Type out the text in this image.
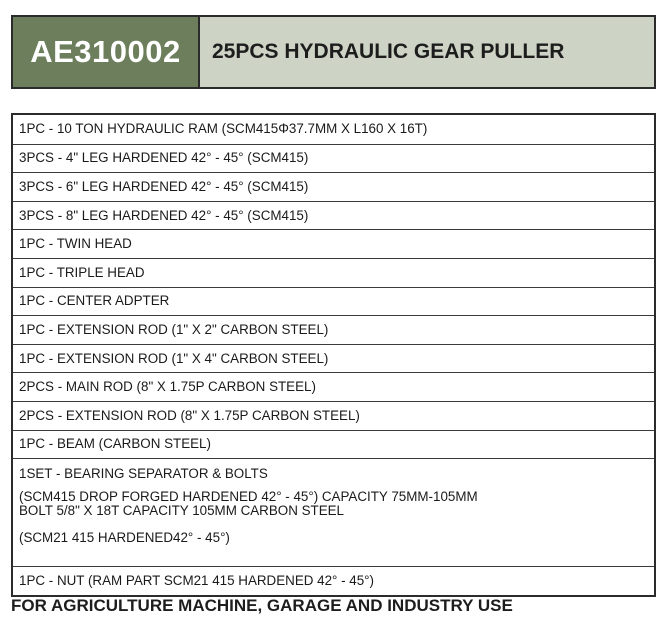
AE310002	25PCS HYDRAULIC GEAR PULLER
1PC - 10 TON HYDRAULIC RAM (SCM415Φ37.7MM X L160 X 16T)
3PCS - 4" LEG HARDENED 42° - 45° (SCM415)
3PCS - 6" LEG HARDENED 42° - 45° (SCM415)
3PCS - 8" LEG HARDENED 42° - 45° (SCM415)
1PC - TWIN HEAD
1PC - TRIPLE HEAD
1PC - CENTER ADPTER
1PC - EXTENSION ROD (1" X 2" CARBON STEEL)
1PC - EXTENSION ROD (1" X 4" CARBON STEEL)
2PCS - MAIN ROD (8" X 1.75P CARBON STEEL)
2PCS - EXTENSION ROD (8" X 1.75P CARBON STEEL)
1PC - BEAM (CARBON STEEL)
1SET - BEARING SEPARATOR & BOLTS
(SCM415 DROP FORGED HARDENED 42° - 45°) CAPACITY 75MM-105MM
BOLT 5/8" X 18T CAPACITY 105MM CARBON STEEL
(SCM21 415 HARDENED42° - 45°)
1PC - NUT (RAM PART SCM21 415 HARDENED 42° - 45°)
FOR AGRICULTURE MACHINE, GARAGE AND INDUSTRY USE
